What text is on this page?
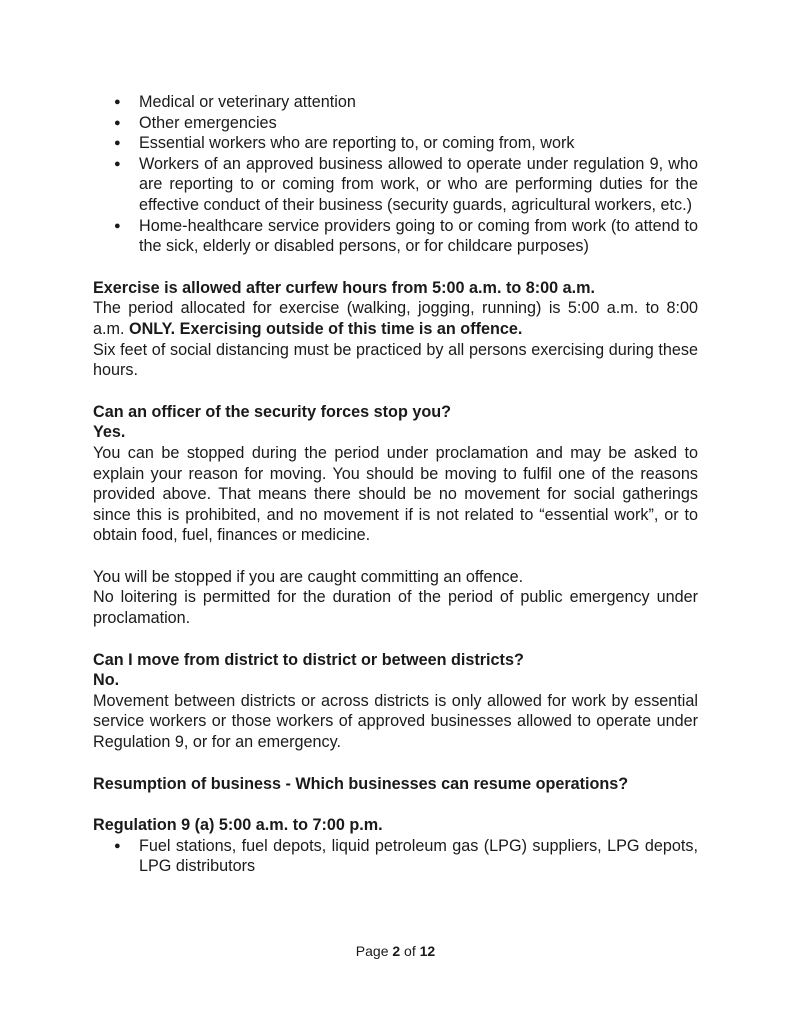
● Medical or veterinary attention
● Other emergencies
● Essential workers who are reporting to, or coming from, work
● Workers of an approved business allowed to operate under regulation 9, who are reporting to or coming from work, or who are performing duties for the effective conduct of their business (security guards, agricultural workers, etc.)
● Home-healthcare service providers going to or coming from work (to attend to the sick, elderly or disabled persons, or for childcare purposes)

Exercise is allowed after curfew hours from 5:00 a.m. to 8:00 a.m.

The period allocated for exercise (walking, jogging, running) is 5:00 a.m. to 8:00 a.m. ONLY. Exercising outside of this time is an offence.

Six feet of social distancing must be practiced by all persons exercising during these hours.

Can an officer of the security forces stop you?

Yes.

You can be stopped during the period under proclamation and may be asked to explain your reason for moving. You should be moving to fulfil one of the reasons provided above. That means there should be no movement for social gatherings since this is prohibited, and no movement if is not related to “essential work”, or to obtain food, fuel, finances or medicine.

You will be stopped if you are caught committing an offence.

No loitering is permitted for the duration of the period of public emergency under proclamation.

Can I move from district to district or between districts?

No.

Movement between districts or across districts is only allowed for work by essential service workers or those workers of approved businesses allowed to operate under Regulation 9, or for an emergency.

Resumption of business - Which businesses can resume operations?

Regulation 9 (a) 5:00 a.m. to 7:00 p.m.

● Fuel stations, fuel depots, liquid petroleum gas (LPG) suppliers, LPG depots, LPG distributors
Page 2 of 12
